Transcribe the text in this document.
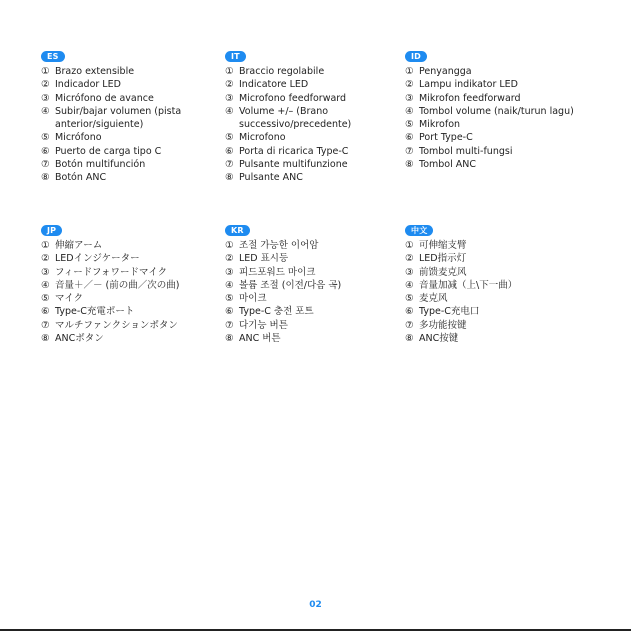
ES
① Brazo extensible
② Indicador LED
③ Micrófono de avance
④ Subir/bajar volumen (pista anterior/siguiente)
⑤ Micrófono
⑥ Puerto de carga tipo C
⑦ Botón multifunción
⑧ Botón ANC
IT
① Braccio regolabile
② Indicatore LED
③ Microfono feedforward
④ Volume +/– (Brano successivo/precedente)
⑤ Microfono
⑥ Porta di ricarica Type-C
⑦ Pulsante multifunzione
⑧ Pulsante ANC
ID
① Penyangga
② Lampu indikator LED
③ Mikrofon feedforward
④ Tombol volume (naik/turun lagu)
⑤ Mikrofon
⑥ Port Type-C
⑦ Tombol multi-fungsi
⑧ Tombol ANC
JP
① 伸縮アーム
② LEDインジケーター
③ フィードフォワードマイク
④ 音量＋／－ (前の曲／次の曲)
⑤ マイク
⑥ Type-C充電ポート
⑦ マルチファンクションボタン
⑧ ANCボタン
KR
① 조절 가능한 이어암
② LED 표시등
③ 피드포워드 마이크
④ 볼륨 조절 (이전/다음 곡)
⑤ 마이크
⑥ Type-C 충전 포트
⑦ 다기능 버튼
⑧ ANC 버튼
中文
① 可伸缩支臂
② LED指示灯
③ 前馈麦克风
④ 音量加减（上\下一曲）
⑤ 麦克风
⑥ Type-C充电口
⑦ 多功能按键
⑧ ANC按键
02
